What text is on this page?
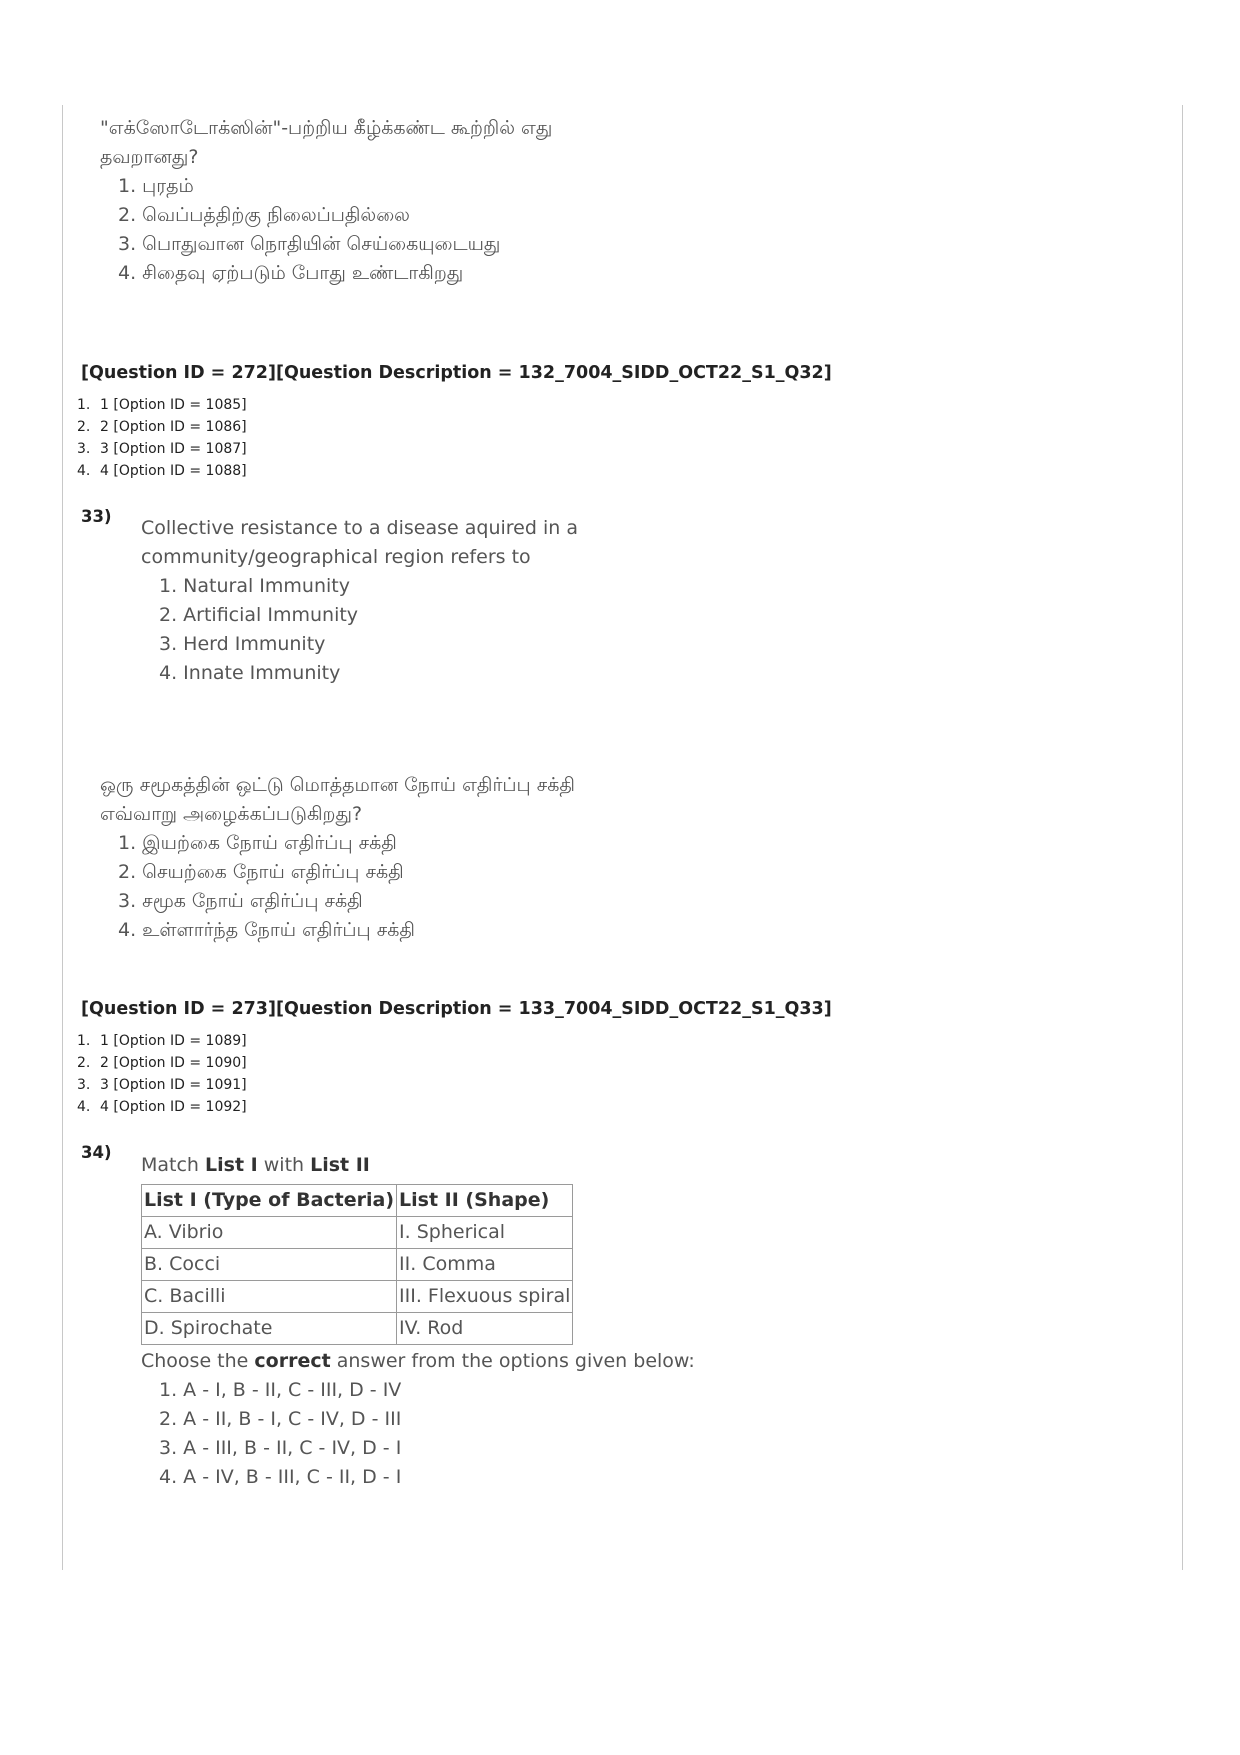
"எக்ஸோடோக்ஸின்"-பற்றிய கீழ்க்கண்ட கூற்றில் எது
தவறானது?
1. புரதம்
2. வெப்பத்திற்கு நிலைப்பதில்லை
3. பொதுவான நொதியின் செய்கையுடையது
4. சிதைவு ஏற்படும் போது உண்டாகிறது
[Question ID = 272][Question Description = 132_7004_SIDD_OCT22_S1_Q32]
1. 1 [Option ID = 1085]
2. 2 [Option ID = 1086]
3. 3 [Option ID = 1087]
4. 4 [Option ID = 1088]
33)
Collective resistance to a disease aquired in a
community/geographical region refers to
1. Natural Immunity
2. Artificial Immunity
3. Herd Immunity
4. Innate Immunity
ஒரு சமூகத்தின் ஒட்டு மொத்தமான நோய் எதிர்ப்பு சக்தி
எவ்வாறு அழைக்கப்படுகிறது?
1. இயற்கை நோய் எதிர்ப்பு சக்தி
2. செயற்கை நோய் எதிர்ப்பு சக்தி
3. சமூக நோய் எதிர்ப்பு சக்தி
4. உள்ளார்ந்த நோய் எதிர்ப்பு சக்தி
[Question ID = 273][Question Description = 133_7004_SIDD_OCT22_S1_Q33]
1. 1 [Option ID = 1089]
2. 2 [Option ID = 1090]
3. 3 [Option ID = 1091]
4. 4 [Option ID = 1092]
34)
Match List I with List II
List I (Type of Bacteria)	List II (Shape)
A. Vibrio	I. Spherical
B. Cocci	II. Comma
C. Bacilli	III. Flexuous spiral
D. Spirochate	IV. Rod
Choose the correct answer from the options given below:
1. A - I, B - II, C - III, D - IV
2. A - II, B - I, C - IV, D - III
3. A - III, B - II, C - IV, D - I
4. A - IV, B - III, C - II, D - I
